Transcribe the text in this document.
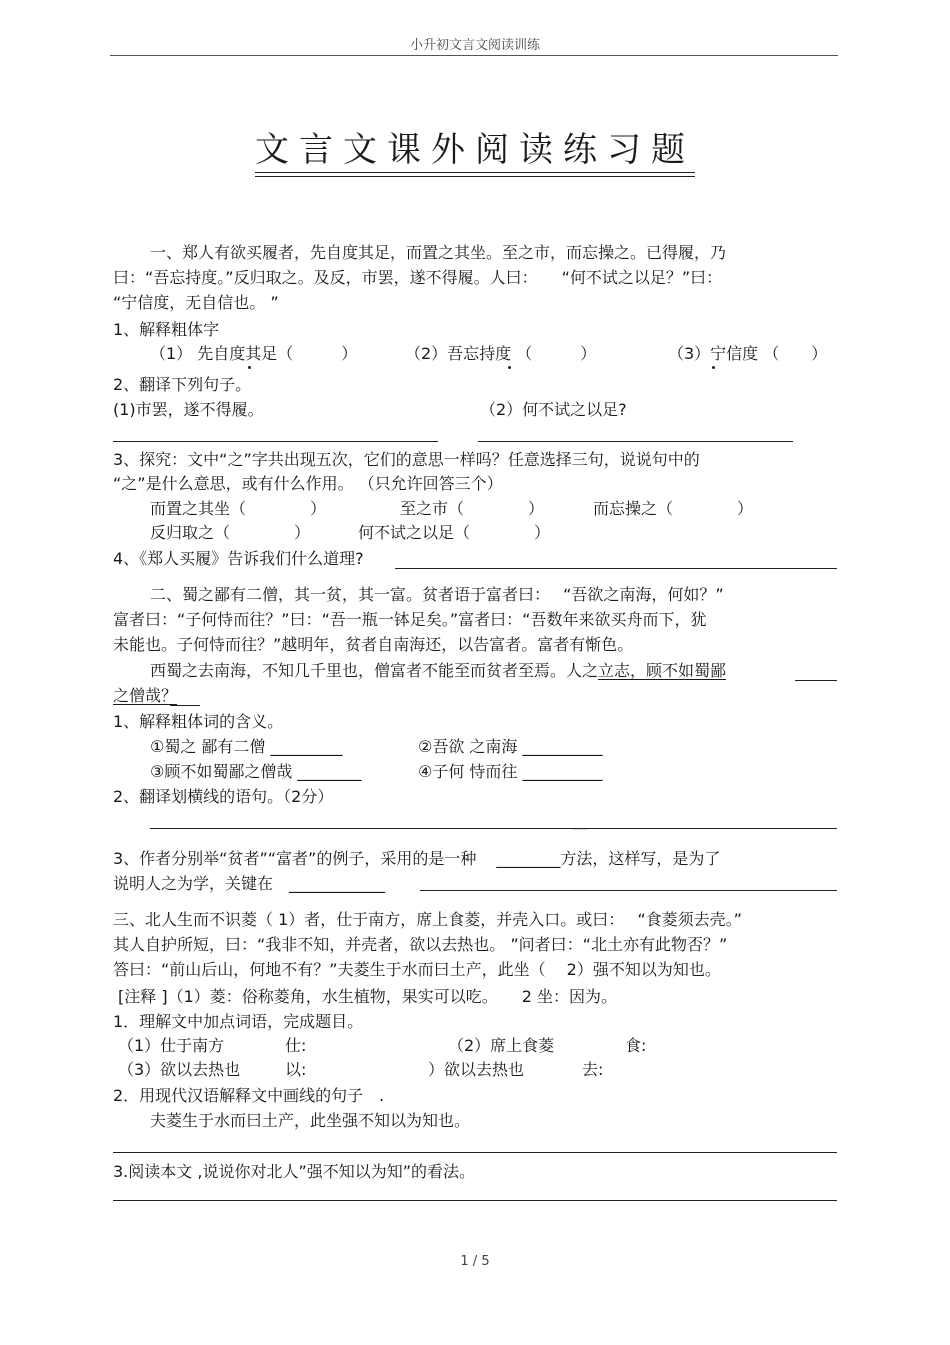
小升初文言文阅读训练
文言文课外阅读练习题
一、郑人有欲买履者，先自度其足，而置之其坐。至之市，而忘操之。已得履，乃
曰：“吾忘持度。”反归取之。及反，市罢，遂不得履。人曰：　　“何不试之以足？”曰：
“宁信度，无自信也。 ”
1、解释粗体字
（1） 先自度其足（　　　）	（2）吾忘持度 （　　　）	（3）宁信度 （　　）
2、翻译下列句子。
(1)市罢，遂不得履。	（2）何不试之以足?
3、探究：文中“之”字共出现五次，它们的意思一样吗？任意选择三句，说说句中的
“之”是什么意思，或有什么作用。 （只允许回答三个）
而置之其坐（　　　　）	至之市（　　　　）	而忘操之（　　　　）
反归取之（　　　　）	何不试之以足（　　　　）
4、《郑人买履》告诉我们什么道理?
二、蜀之鄙有二僧，其一贫，其一富。贫者语于富者曰：　 “吾欲之南海，何如？”
富者曰：“子何恃而往？”曰：“吾一瓶一钵足矣。”富者曰：“吾数年来欲买舟而下，犹
未能也。子何恃而往？”越明年，贫者自南海还，以告富者。富者有惭色。
西蜀之去南海，不知几千里也，僧富者不能至而贫者至焉。人之立志，顾不如蜀鄙
之僧哉？
1、解释粗体词的含义。
①蜀之 鄙有二僧 _________	②吾欲 之南海 __________
③顾不如蜀鄙之僧哉 ________	④子何 恃而往 __________
2、翻译划横线的语句。（2分）
＿
3、作者分别举“贫者”“富者”的例子，采用的是一种 ________方法，这样写，是为了
说明人之为学，关键在 ____________
三、北人生而不识菱（ 1）者，仕于南方，席上食菱，并壳入口。或曰：　 “食菱须去壳。”
其人自护所短，曰：“我非不知，并壳者，欲以去热也。 ”问者曰：“北土亦有此物否？”
答曰：“前山后山，何地不有？”夫菱生于水而曰土产，此坐（　 2）强不知以为知也。
[注释 ]（1）菱：俗称菱角，水生植物，果实可以吃。　　2 坐：因为。
1．理解文中加点词语，完成题目。
（1）仕于南方	仕:	（2）席上食菱	食:
（3）欲以去热也	以:	）欲以去热也	去:
2．用现代汉语解释文中画线的句子　.
夫菱生于水而曰土产，此坐强不知以为知也。
3.阅读本文 ,说说你对北人”强不知以为知”的看法。
1 / 5
